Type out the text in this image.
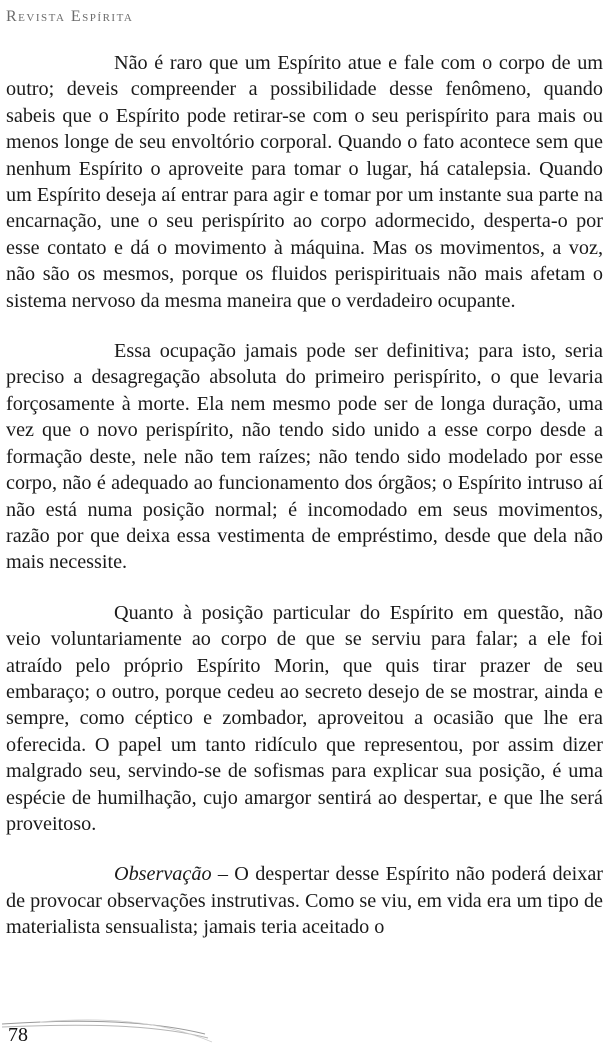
Revista Espírita

Não é raro que um Espírito atue e fale com o corpo de um outro; deveis compreender a possibilidade desse fenômeno, quando sabeis que o Espírito pode retirar-se com o seu perispírito para mais ou menos longe de seu envoltório corporal. Quando o fato acontece sem que nenhum Espírito o aproveite para tomar o lugar, há catalepsia. Quando um Espírito deseja aí entrar para agir e tomar por um instante sua parte na encarnação, une o seu perispírito ao corpo adormecido, desperta-o por esse contato e dá o movimento à máquina. Mas os movimentos, a voz, não são os mesmos, porque os fluidos perispirituais não mais afetam o sistema nervoso da mesma maneira que o verdadeiro ocupante.

Essa ocupação jamais pode ser definitiva; para isto, seria preciso a desagregação absoluta do primeiro perispírito, o que levaria forçosamente à morte. Ela nem mesmo pode ser de longa duração, uma vez que o novo perispírito, não tendo sido unido a esse corpo desde a formação deste, nele não tem raízes; não tendo sido modelado por esse corpo, não é adequado ao funcionamento dos órgãos; o Espírito intruso aí não está numa posição normal; é incomodado em seus movimentos, razão por que deixa essa vestimenta de empréstimo, desde que dela não mais necessite.

Quanto à posição particular do Espírito em questão, não veio voluntariamente ao corpo de que se serviu para falar; a ele foi atraído pelo próprio Espírito Morin, que quis tirar prazer de seu embaraço; o outro, porque cedeu ao secreto desejo de se mostrar, ainda e sempre, como céptico e zombador, aproveitou a ocasião que lhe era oferecida. O papel um tanto ridículo que representou, por assim dizer malgrado seu, servindo-se de sofismas para explicar sua posição, é uma espécie de humilhação, cujo amargor sentirá ao despertar, e que lhe será proveitoso.

Observação – O despertar desse Espírito não poderá deixar de provocar observações instrutivas. Como se viu, em vida era um tipo de materialista sensualista; jamais teria aceitado o

78
